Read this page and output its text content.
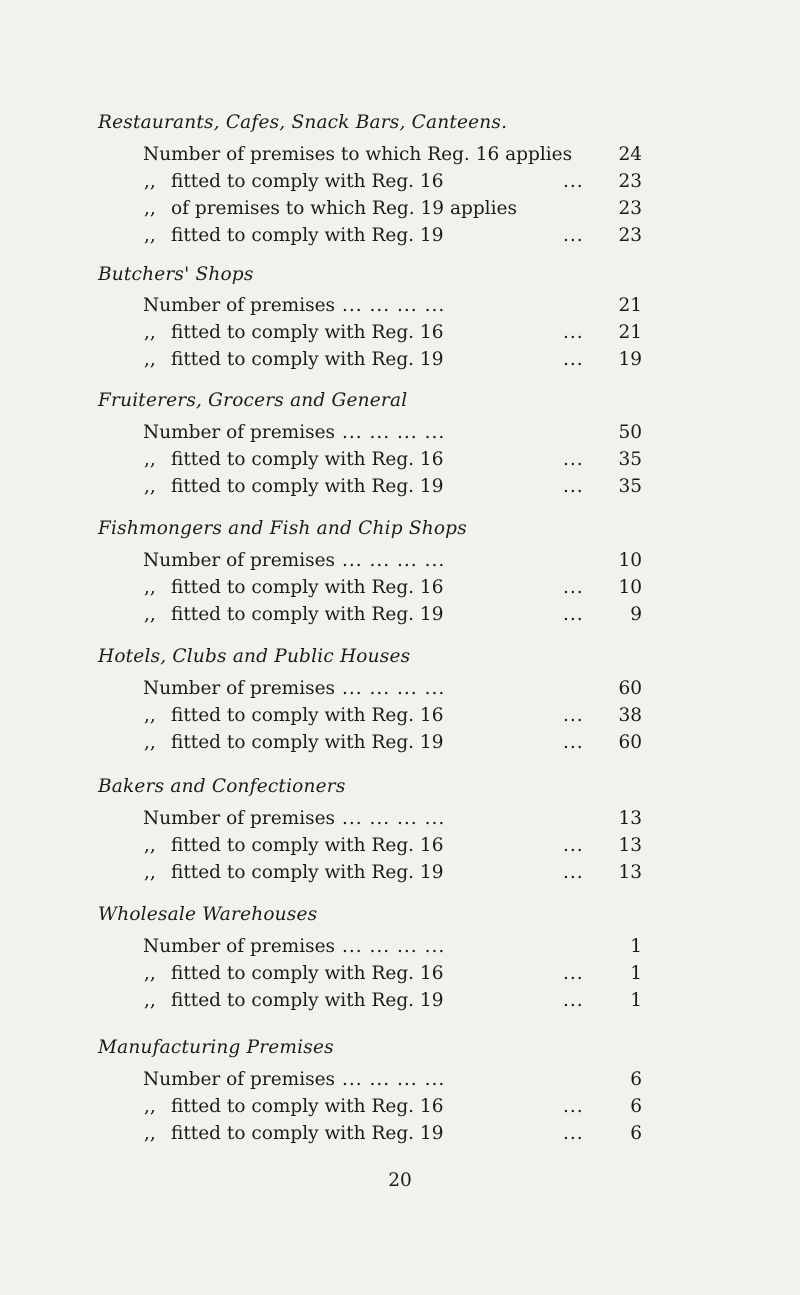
Restaurants, Cafes, Snack Bars, Canteens.
Number of premises to which Reg. 16 applies	24
,, fitted to comply with Reg. 16	... 23
,, of premises to which Reg. 19 applies	23
,, fitted to comply with Reg. 19	... 23
Butchers' Shops
Number of premises ... ... ... ...	21
,, fitted to comply with Reg. 16	... 21
,, fitted to comply with Reg. 19	... 19
Fruiterers, Grocers and General
Number of premises ... ... ... ...	50
,, fitted to comply with Reg. 16	... 35
,, fitted to comply with Reg. 19	... 35
Fishmongers and Fish and Chip Shops
Number of premises ... ... ... ...	10
,, fitted to comply with Reg. 16	... 10
,, fitted to comply with Reg. 19	...	9
Hotels, Clubs and Public Houses
Number of premises ... ... ... ...	60
,, fitted to comply with Reg. 16	... 38
,, fitted to comply with Reg. 19	... 60
Bakers and Confectioners
Number of premises ... ... ... ...	13
,, fitted to comply with Reg. 16	... 13
,, fitted to comply with Reg. 19	... 13
Wholesale Warehouses
Number of premises ... ... ... ...	1
,, fitted to comply with Reg. 16	...	1
,, fitted to comply with Reg. 19	...	1
Manufacturing Premises
Number of premises ... ... ... ...	6
,, fitted to comply with Reg. 16	...	6
,, fitted to comply with Reg. 19	...	6
20
